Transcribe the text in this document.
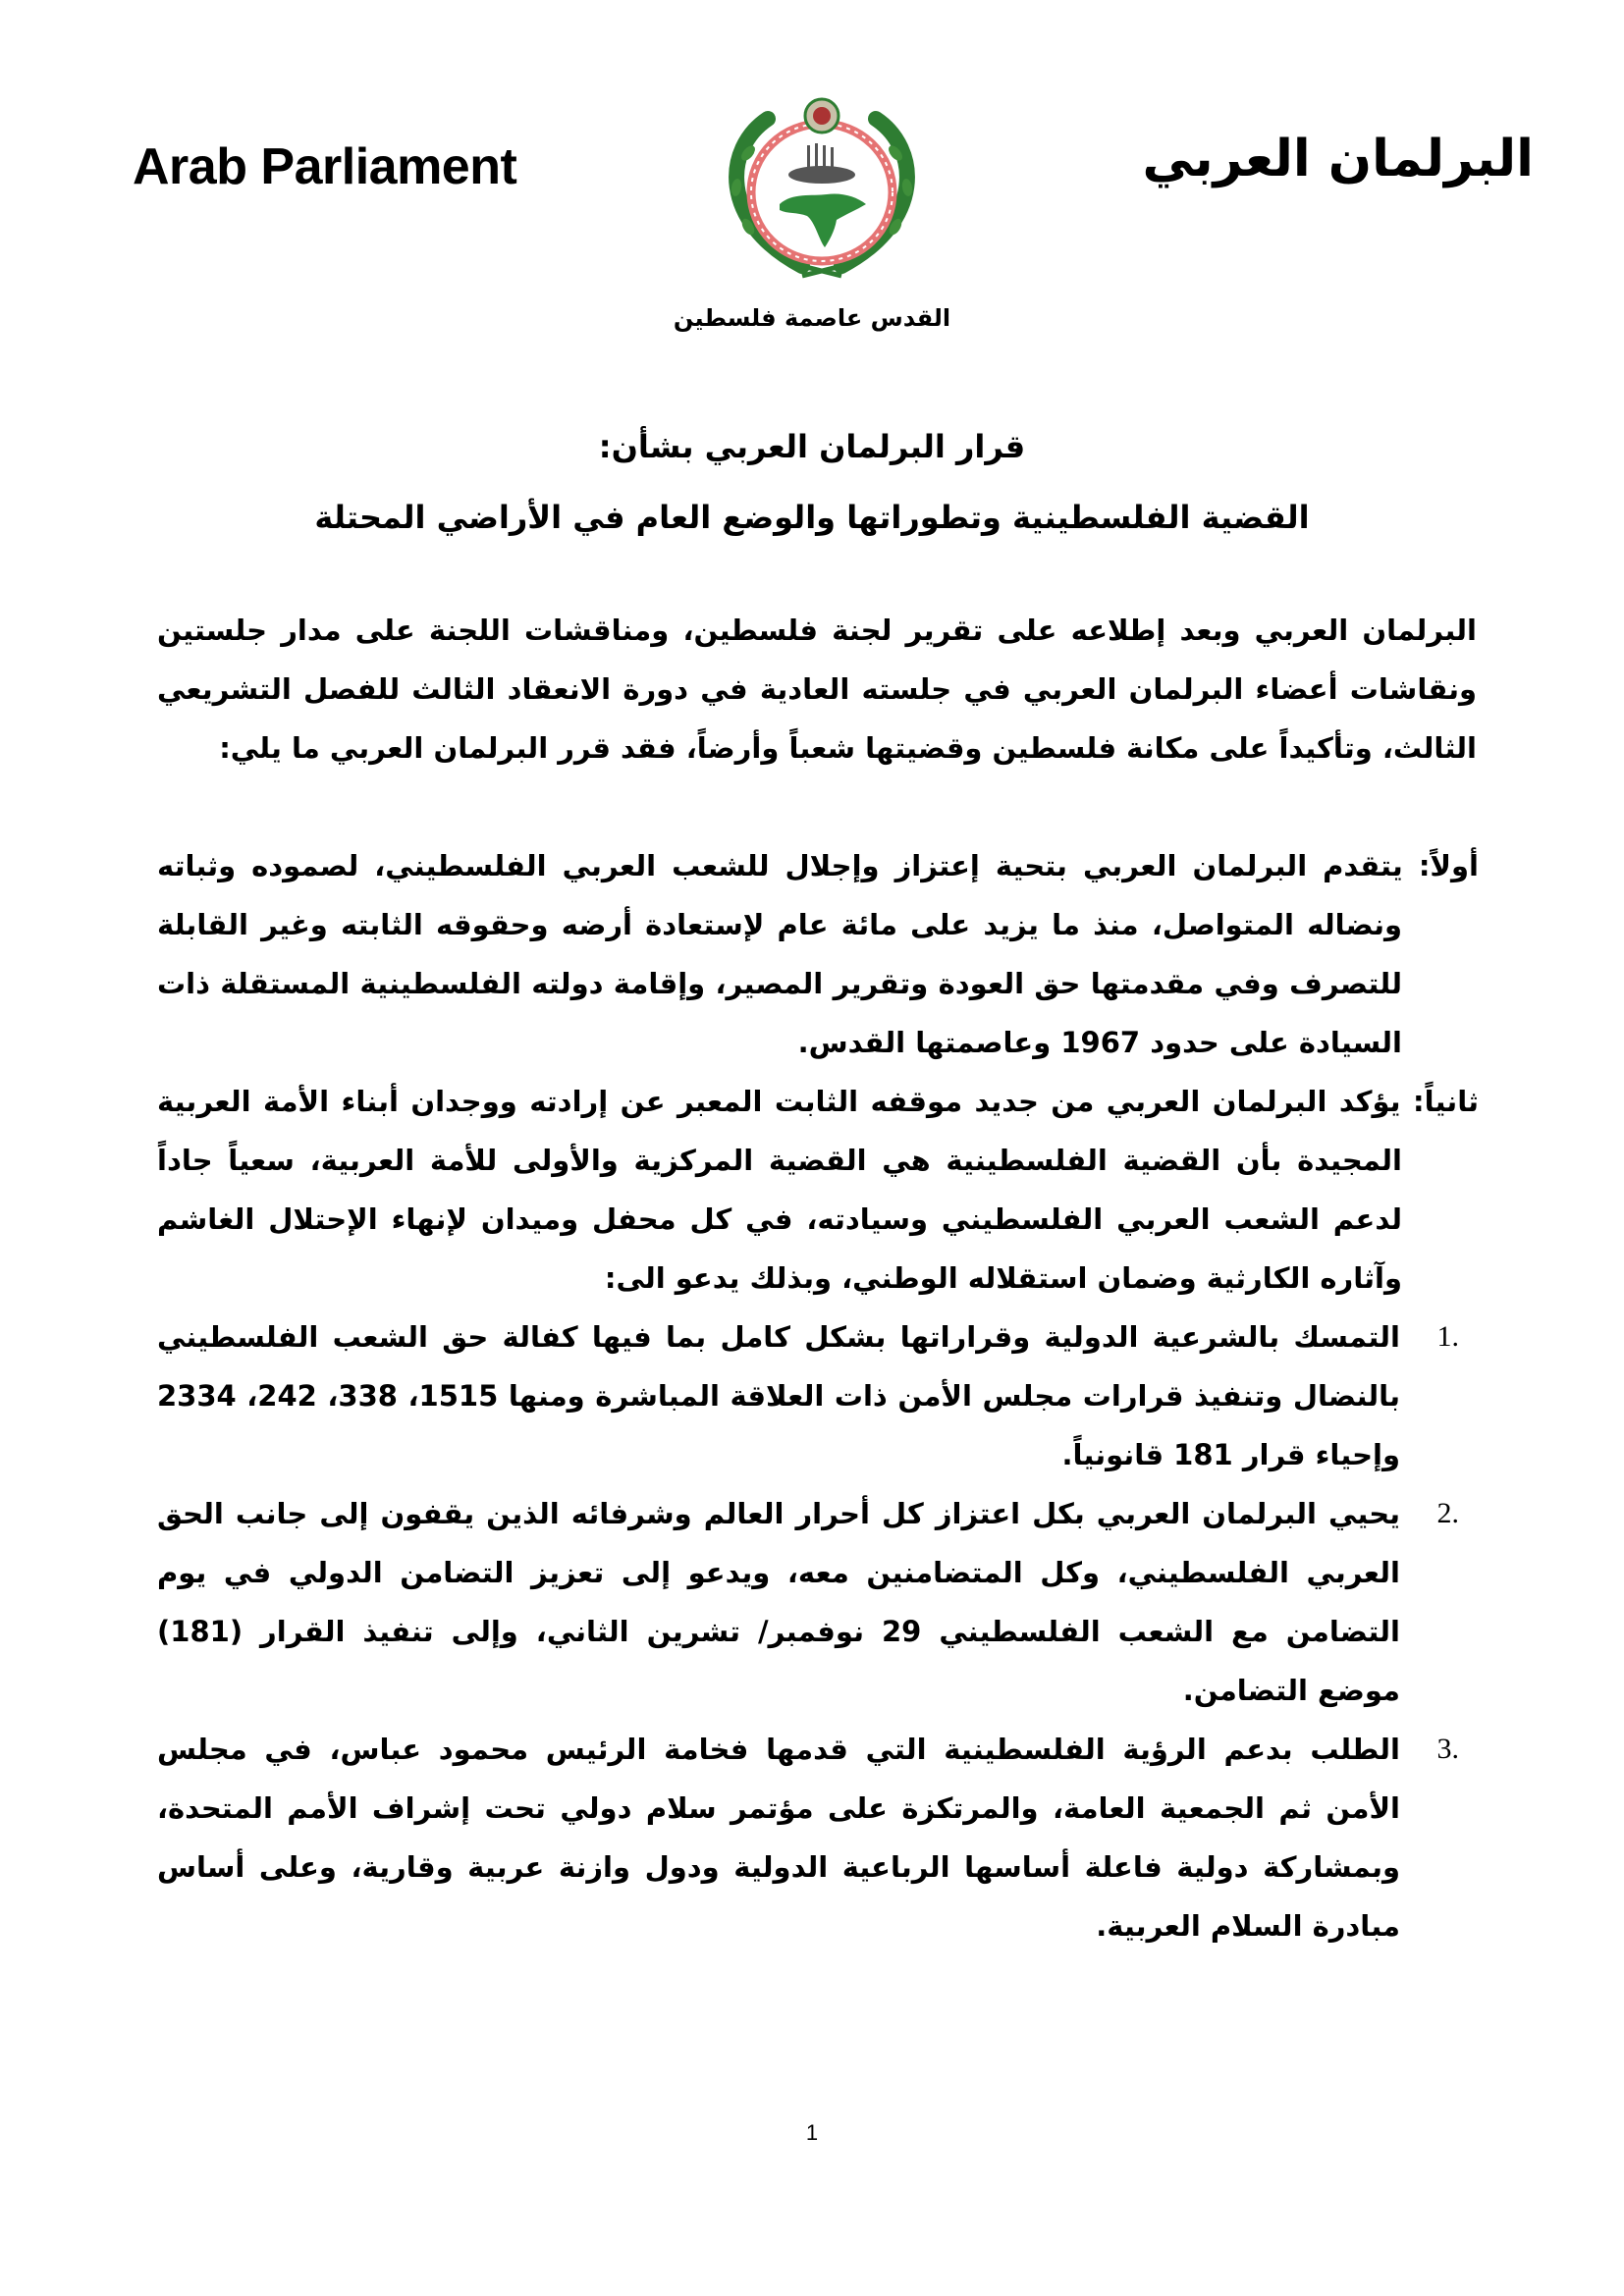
Arab Parliament	البرلمان العربي
القدس عاصمة فلسطين
قرار البرلمان العربي بشأن:
القضية الفلسطينية وتطوراتها والوضع العام في الأراضي المحتلة
البرلمان العربي وبعد إطلاعه على تقرير لجنة فلسطين، ومناقشات اللجنة على مدار جلستين ونقاشات أعضاء البرلمان العربي في جلسته العادية في دورة الانعقاد الثالث للفصل التشريعي الثالث، وتأكيداً على مكانة فلسطين وقضيتها شعباً وأرضاً، فقد قرر البرلمان العربي ما يلي:
أولاً: يتقدم البرلمان العربي بتحية إعتزاز وإجلال للشعب العربي الفلسطيني، لصموده وثباته ونضاله المتواصل، منذ ما يزيد على مائة عام لإستعادة أرضه وحقوقه الثابته وغير القابلة للتصرف وفي مقدمتها حق العودة وتقرير المصير، وإقامة دولته الفلسطينية المستقلة ذات السيادة على حدود 1967 وعاصمتها القدس.
ثانياً: يؤكد البرلمان العربي من جديد موقفه الثابت المعبر عن إرادته ووجدان أبناء الأمة العربية المجيدة بأن القضية الفلسطينية هي القضية المركزية والأولى للأمة العربية، سعياً جاداً لدعم الشعب العربي الفلسطيني وسيادته، في كل محفل وميدان لإنهاء الإحتلال الغاشم وآثاره الكارثية وضمان استقلاله الوطني، وبذلك يدعو الى:
1.
التمسك بالشرعية الدولية وقراراتها بشكل كامل بما فيها كفالة حق الشعب الفلسطيني بالنضال وتنفيذ قرارات مجلس الأمن ذات العلاقة المباشرة ومنها 1515، 338، 242، 2334 وإحياء قرار 181 قانونياً.
2.
يحيي البرلمان العربي بكل اعتزاز كل أحرار العالم وشرفائه الذين يقفون إلى جانب الحق العربي الفلسطيني، وكل المتضامنين معه، ويدعو إلى تعزيز التضامن الدولي في يوم التضامن مع الشعب الفلسطيني 29 نوفمبر/ تشرين الثاني، وإلى تنفيذ القرار (181) موضع التضامن.
3.
الطلب بدعم الرؤية الفلسطينية التي قدمها فخامة الرئيس محمود عباس، في مجلس الأمن ثم الجمعية العامة، والمرتكزة على مؤتمر سلام دولي تحت إشراف الأمم المتحدة، وبمشاركة دولية فاعلة أساسها الرباعية الدولية ودول وازنة عربية وقارية، وعلى أساس مبادرة السلام العربية.
1
